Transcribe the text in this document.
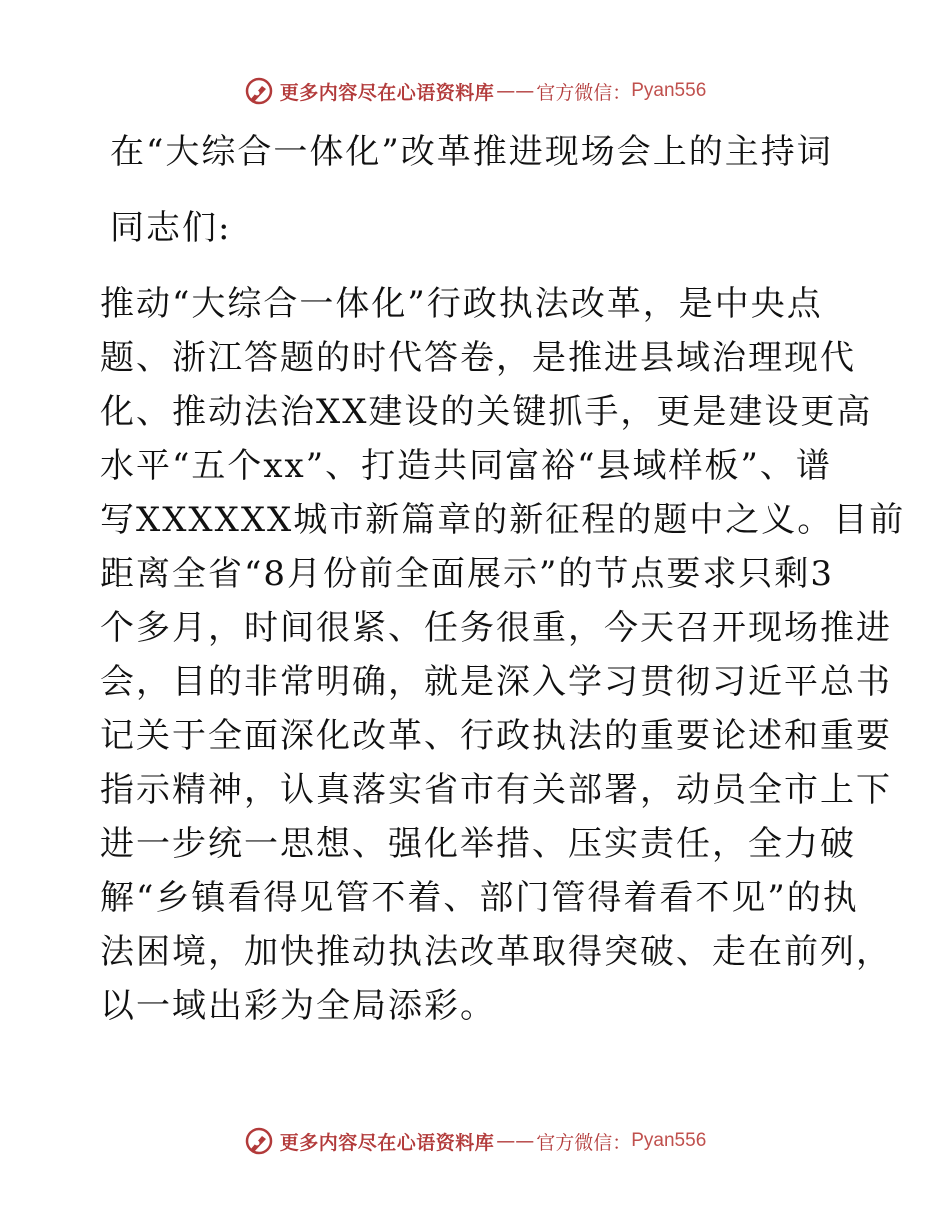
更多内容尽在心语资料库 —— 官方微信： Pyan556
在“大综合一体化”改革推进现场会上的主持词
同志们:
推动“大综合一体化”行政执法改革，是中央点
题、浙江答题的时代答卷，是推进县域治理现代
化、推动法治XX建设的关键抓手，更是建设更高
水平“五个xx”、打造共同富裕“县域样板”、谱
写XXXXXX城市新篇章的新征程的题中之义。目前
距离全省“8月份前全面展示”的节点要求只剩3
个多月，时间很紧、任务很重，今天召开现场推进
会，目的非常明确，就是深入学习贯彻习近平总书
记关于全面深化改革、行政执法的重要论述和重要
指示精神，认真落实省市有关部署，动员全市上下
进一步统一思想、强化举措、压实责任，全力破
解“乡镇看得见管不着、部门管得着看不见”的执
法困境，加快推动执法改革取得突破、走在前列，
以一域出彩为全局添彩。
更多内容尽在心语资料库 —— 官方微信： Pyan556
